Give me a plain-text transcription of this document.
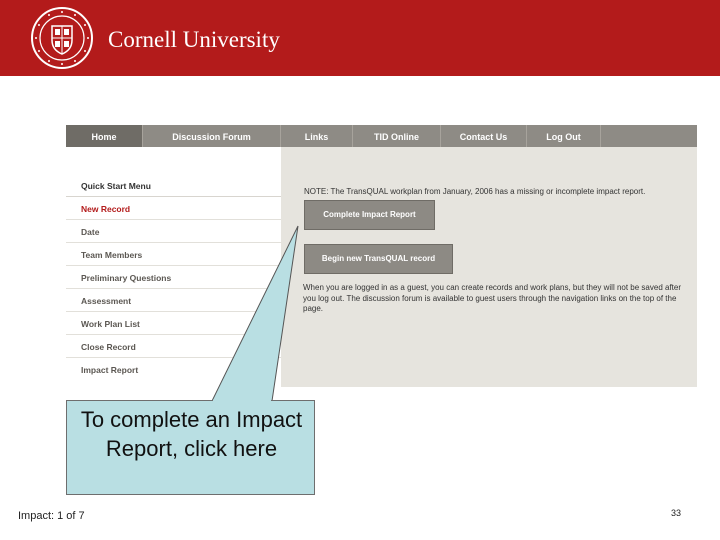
Cornell University
Home	Discussion Forum	Links	TID Online	Contact Us	Log Out
Quick Start Menu
New Record
Date
Team Members
Preliminary Questions
Assessment
Work Plan List
Close Record
Impact Report
NOTE: The TransQUAL workplan from January, 2006 has a missing or incomplete impact report.
Complete Impact Report
Begin new TransQUAL record
When you are logged in as a guest, you can create records and work plans, but they will not be saved after you log out. The discussion forum is available to guest users through the navigation links on the top of the page.
To complete an Impact Report, click here
Impact: 1 of 7	33
